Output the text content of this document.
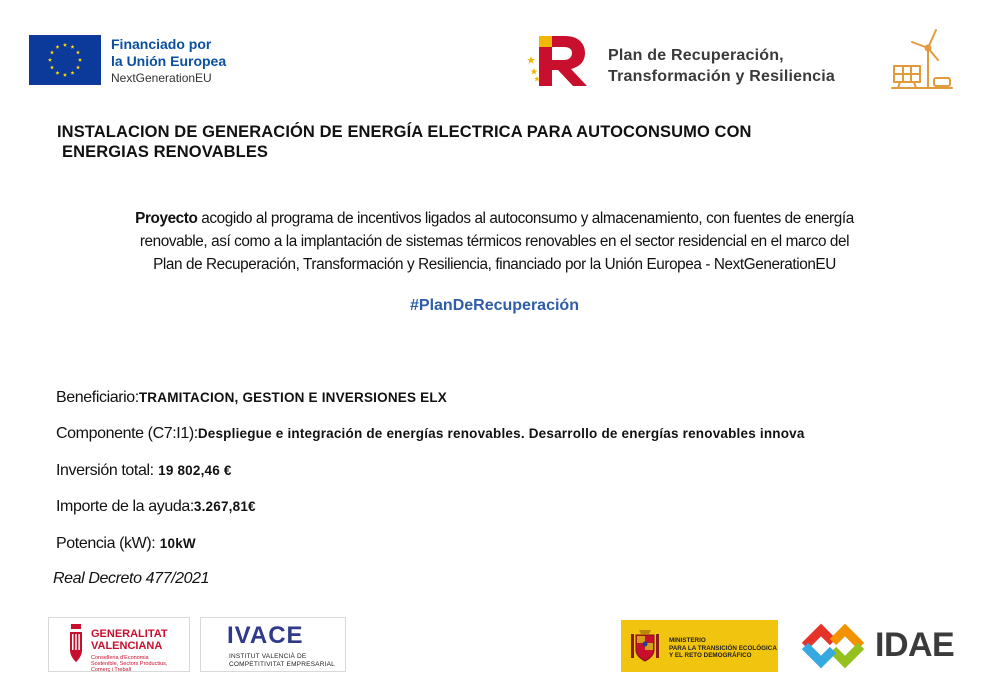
Financiado por
la Unión Europea
NextGenerationEU
Plan de Recuperación,
Transformación y Resiliencia
INSTALACION DE GENERACIÓN DE ENERGÍA ELECTRICA PARA AUTOCONSUMO CON
ENERGIAS RENOVABLES
Proyecto acogido al programa de incentivos ligados al autoconsumo y almacenamiento, con fuentes de energía
renovable, así como a la implantación de sistemas térmicos renovables en el sector residencial en el marco del
Plan de Recuperación, Transformación y Resiliencia, financiado por la Unión Europea - NextGenerationEU
#PlanDeRecuperación
Beneficiario:TRAMITACION, GESTION E INVERSIONES ELX
Componente (C7:I1):Despliegue e integración de energías renovables. Desarrollo de energías renovables innova
Inversión total: 19 802,46 €
Importe de la ayuda:3.267,81€
Potencia (kW): 10kW
Real Decreto 477/2021
GENERALITAT
VALENCIANA
Conselleria d'Economia
Sostenible, Sectors Productius,
Comerç i Treball
IVACE
INSTITUT VALENCIÀ DE
COMPETITIVITAT EMPRESARIAL
MINISTERIO
PARA LA TRANSICIÓN ECOLÓGICA
Y EL RETO DEMOGRÁFICO	IDAE
